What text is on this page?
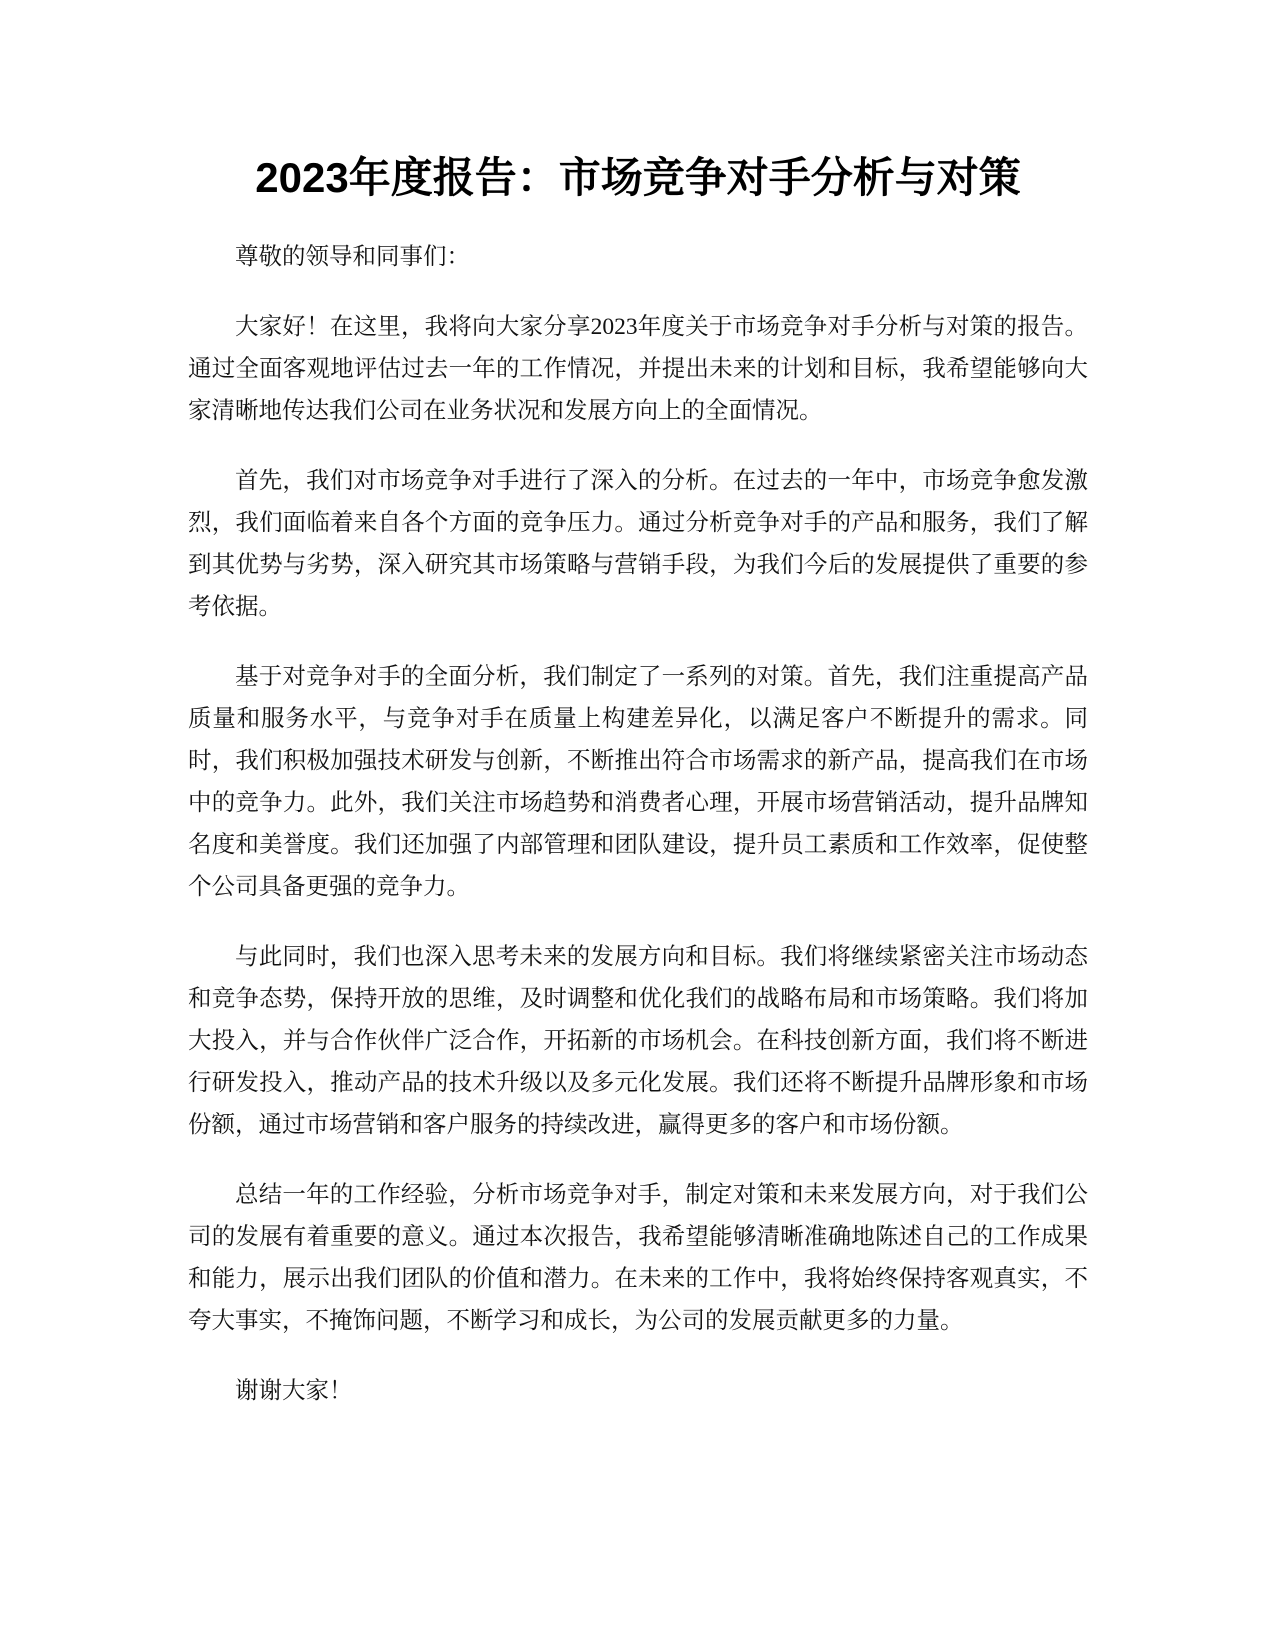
2023年度报告：市场竞争对手分析与对策

尊敬的领导和同事们：

大家好！在这里，我将向大家分享2023年度关于市场竞争对手分析与对策的报告。通过全面客观地评估过去一年的工作情况，并提出未来的计划和目标，我希望能够向大家清晰地传达我们公司在业务状况和发展方向上的全面情况。

首先，我们对市场竞争对手进行了深入的分析。在过去的一年中，市场竞争愈发激烈，我们面临着来自各个方面的竞争压力。通过分析竞争对手的产品和服务，我们了解到其优势与劣势，深入研究其市场策略与营销手段，为我们今后的发展提供了重要的参考依据。

基于对竞争对手的全面分析，我们制定了一系列的对策。首先，我们注重提高产品质量和服务水平，与竞争对手在质量上构建差异化，以满足客户不断提升的需求。同时，我们积极加强技术研发与创新，不断推出符合市场需求的新产品，提高我们在市场中的竞争力。此外，我们关注市场趋势和消费者心理，开展市场营销活动，提升品牌知名度和美誉度。我们还加强了内部管理和团队建设，提升员工素质和工作效率，促使整个公司具备更强的竞争力。

与此同时，我们也深入思考未来的发展方向和目标。我们将继续紧密关注市场动态和竞争态势，保持开放的思维，及时调整和优化我们的战略布局和市场策略。我们将加大投入，并与合作伙伴广泛合作，开拓新的市场机会。在科技创新方面，我们将不断进行研发投入，推动产品的技术升级以及多元化发展。我们还将不断提升品牌形象和市场份额，通过市场营销和客户服务的持续改进，赢得更多的客户和市场份额。

总结一年的工作经验，分析市场竞争对手，制定对策和未来发展方向，对于我们公司的发展有着重要的意义。通过本次报告，我希望能够清晰准确地陈述自己的工作成果和能力，展示出我们团队的价值和潜力。在未来的工作中，我将始终保持客观真实，不夸大事实，不掩饰问题，不断学习和成长，为公司的发展贡献更多的力量。

谢谢大家！
